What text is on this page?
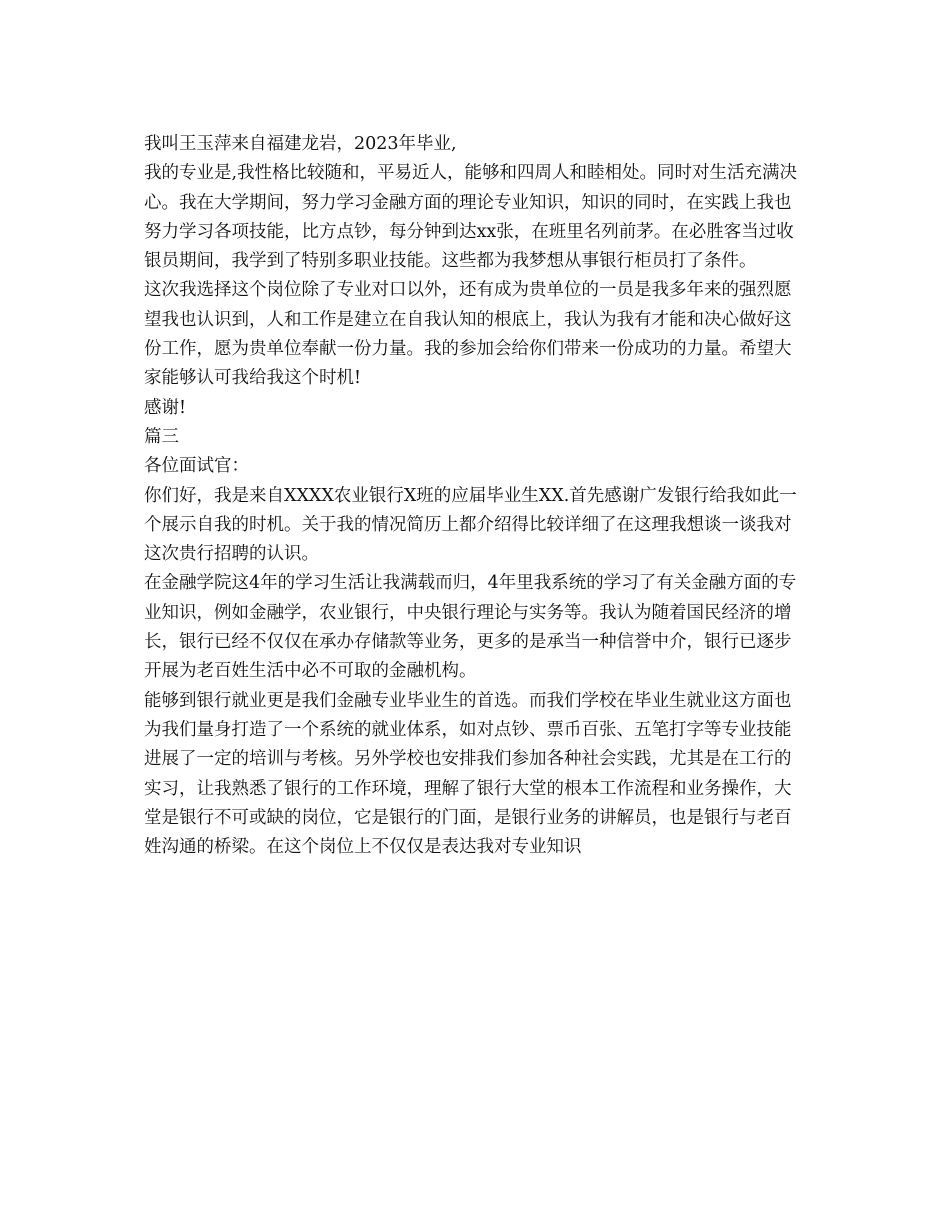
我叫王玉萍来自福建龙岩，2023年毕业,

我的专业是,我性格比较随和，平易近人，能够和四周人和睦相处。同时对生活充满决心。我在大学期间，努力学习金融方面的理论专业知识，知识的同时，在实践上我也努力学习各项技能，比方点钞，每分钟到达xx张，在班里名列前茅。在必胜客当过收银员期间，我学到了特别多职业技能。这些都为我梦想从事银行柜员打了条件。

这次我选择这个岗位除了专业对口以外，还有成为贵单位的一员是我多年来的强烈愿望我也认识到，人和工作是建立在自我认知的根底上，我认为我有才能和决心做好这份工作，愿为贵单位奉献一份力量。我的参加会给你们带来一份成功的力量。希望大家能够认可我给我这个时机!

感谢!

篇三

各位面试官：

你们好，我是来自XXXX农业银行X班的应届毕业生XX.首先感谢广发银行给我如此一个展示自我的时机。关于我的情况简历上都介绍得比较详细了在这理我想谈一谈我对这次贵行招聘的认识。

在金融学院这4年的学习生活让我满载而归，4年里我系统的学习了有关金融方面的专业知识，例如金融学，农业银行，中央银行理论与实务等。我认为随着国民经济的增长，银行已经不仅仅在承办存储款等业务，更多的是承当一种信誉中介，银行已逐步开展为老百姓生活中必不可取的金融机构。

能够到银行就业更是我们金融专业毕业生的首选。而我们学校在毕业生就业这方面也为我们量身打造了一个系统的就业体系，如对点钞、票币百张、五笔打字等专业技能进展了一定的培训与考核。另外学校也安排我们参加各种社会实践，尤其是在工行的实习，让我熟悉了银行的工作环境，理解了银行大堂的根本工作流程和业务操作，大堂是银行不可或缺的岗位，它是银行的门面，是银行业务的讲解员，也是银行与老百姓沟通的桥梁。在这个岗位上不仅仅是表达我对专业知识
